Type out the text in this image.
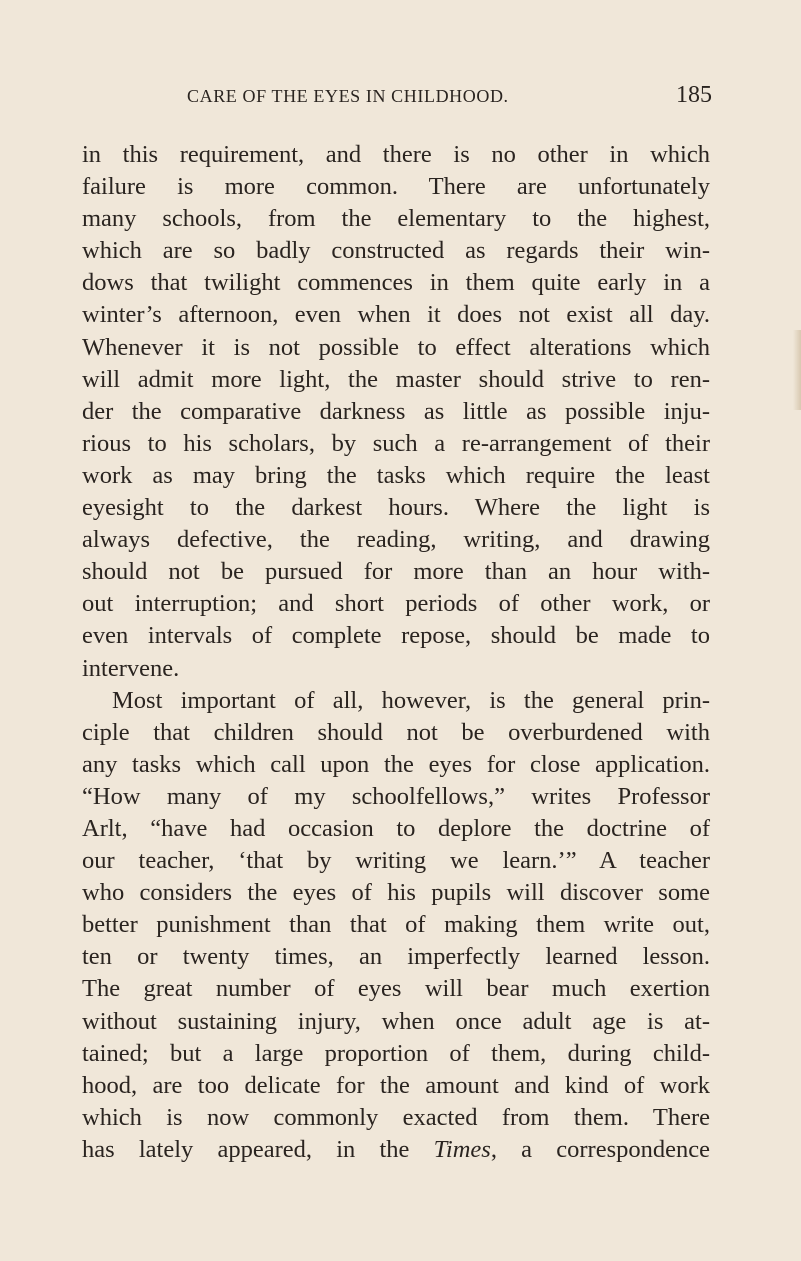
CARE OF THE EYES IN CHILDHOOD.	185
in this requirement, and there is no other in which
failure is more common. There are unfortunately
many schools, from the elementary to the highest,
which are so badly constructed as regards their win-
dows that twilight commences in them quite early in a
winter’s afternoon, even when it does not exist all day.
Whenever it is not possible to effect alterations which
will admit more light, the master should strive to ren-
der the comparative darkness as little as possible inju-
rious to his scholars, by such a re-arrangement of their
work as may bring the tasks which require the least
eyesight to the darkest hours. Where the light is
always defective, the reading, writing, and drawing
should not be pursued for more than an hour with-
out interruption; and short periods of other work, or
even intervals of complete repose, should be made to
intervene.
Most important of all, however, is the general prin-
ciple that children should not be overburdened with
any tasks which call upon the eyes for close application.
“How many of my schoolfellows,” writes Professor
Arlt, “have had occasion to deplore the doctrine of
our teacher, ‘that by writing we learn.’” A teacher
who considers the eyes of his pupils will discover some
better punishment than that of making them write out,
ten or twenty times, an imperfectly learned lesson.
The great number of eyes will bear much exertion
without sustaining injury, when once adult age is at-
tained; but a large proportion of them, during child-
hood, are too delicate for the amount and kind of work
which is now commonly exacted from them. There
has lately appeared, in the Times, a correspondence
